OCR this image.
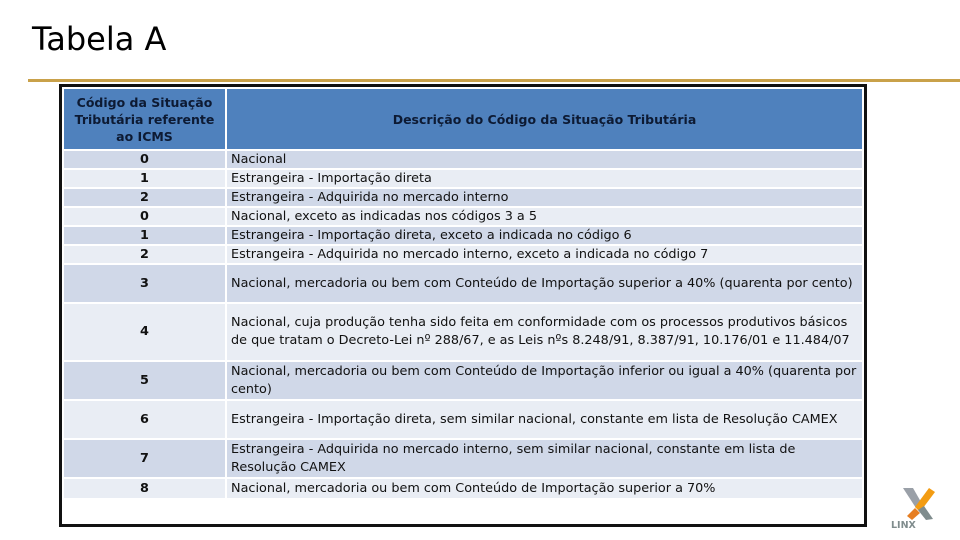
Tabela A
Código da Situação Tributária referente ao ICMS	Descrição do Código da Situação Tributária
0	Nacional
1	Estrangeira - Importação direta
2	Estrangeira - Adquirida no mercado interno
0	Nacional, exceto as indicadas nos códigos 3 a 5
1	Estrangeira - Importação direta, exceto a indicada no código 6
2	Estrangeira - Adquirida no mercado interno, exceto a indicada no código 7
3	Nacional, mercadoria ou bem com Conteúdo de Importação superior a 40% (quarenta por cento)
4	Nacional, cuja produção tenha sido feita em conformidade com os processos produtivos básicos de que tratam o Decreto-Lei nº 288/67, e as Leis nºs 8.248/91, 8.387/91, 10.176/01 e 11.484/07
5	Nacional, mercadoria ou bem com Conteúdo de Importação inferior ou igual a 40% (quarenta por cento)
6	Estrangeira - Importação direta, sem similar nacional, constante em lista de Resolução CAMEX
7	Estrangeira - Adquirida no mercado interno, sem similar nacional, constante em lista de Resolução CAMEX
8	Nacional, mercadoria ou bem com Conteúdo de Importação superior a 70%
LINX
